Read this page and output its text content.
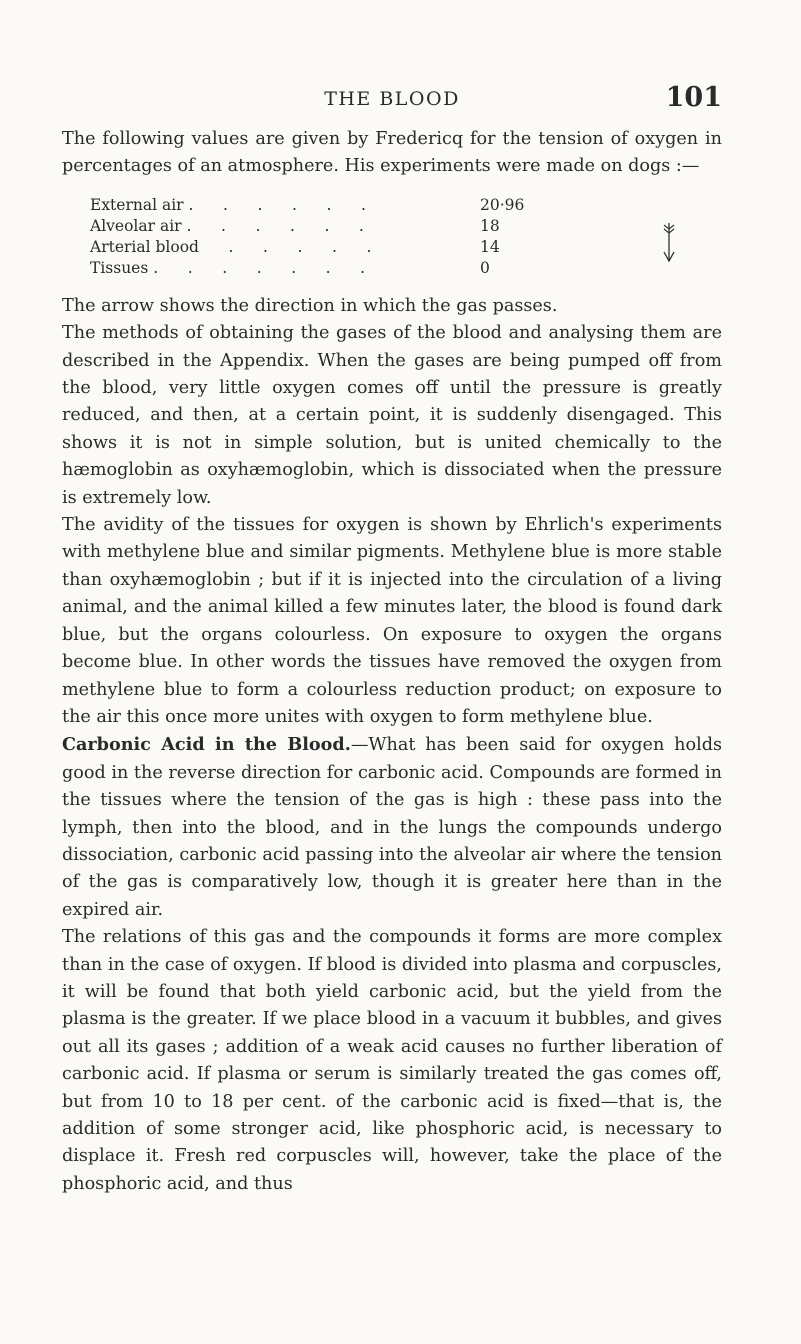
THE BLOOD	101

The following values are given by Fredericq for the tension of oxygen in percentages of an atmosphere. His experiments were made on dogs :—

External air .      .      .      .      .      .	20·96
Alveolar air .      .      .      .      .      .	18
Arterial blood      .      .      .      .      .	14
Tissues .      .      .      .      .      .      .	0

The arrow shows the direction in which the gas passes.

The methods of obtaining the gases of the blood and analysing them are described in the Appendix. When the gases are being pumped off from the blood, very little oxygen comes off until the pressure is greatly reduced, and then, at a certain point, it is suddenly disengaged. This shows it is not in simple solution, but is united chemically to the hæmoglobin as oxyhæmoglobin, which is dissociated when the pressure is extremely low.

The avidity of the tissues for oxygen is shown by Ehrlich's experiments with methylene blue and similar pigments. Methylene blue is more stable than oxyhæmoglobin ; but if it is injected into the circulation of a living animal, and the animal killed a few minutes later, the blood is found dark blue, but the organs colourless. On exposure to oxygen the organs become blue. In other words the tissues have removed the oxygen from methylene blue to form a colourless reduction product; on exposure to the air this once more unites with oxygen to form methylene blue.

Carbonic Acid in the Blood.—What has been said for oxygen holds good in the reverse direction for carbonic acid. Compounds are formed in the tissues where the tension of the gas is high : these pass into the lymph, then into the blood, and in the lungs the compounds undergo dissociation, carbonic acid passing into the alveolar air where the tension of the gas is comparatively low, though it is greater here than in the expired air.

The relations of this gas and the compounds it forms are more complex than in the case of oxygen. If blood is divided into plasma and corpuscles, it will be found that both yield carbonic acid, but the yield from the plasma is the greater. If we place blood in a vacuum it bubbles, and gives out all its gases ; addition of a weak acid causes no further liberation of carbonic acid. If plasma or serum is similarly treated the gas comes off, but from 10 to 18 per cent. of the carbonic acid is fixed—that is, the addition of some stronger acid, like phosphoric acid, is necessary to displace it. Fresh red corpuscles will, however, take the place of the phosphoric acid, and thus
